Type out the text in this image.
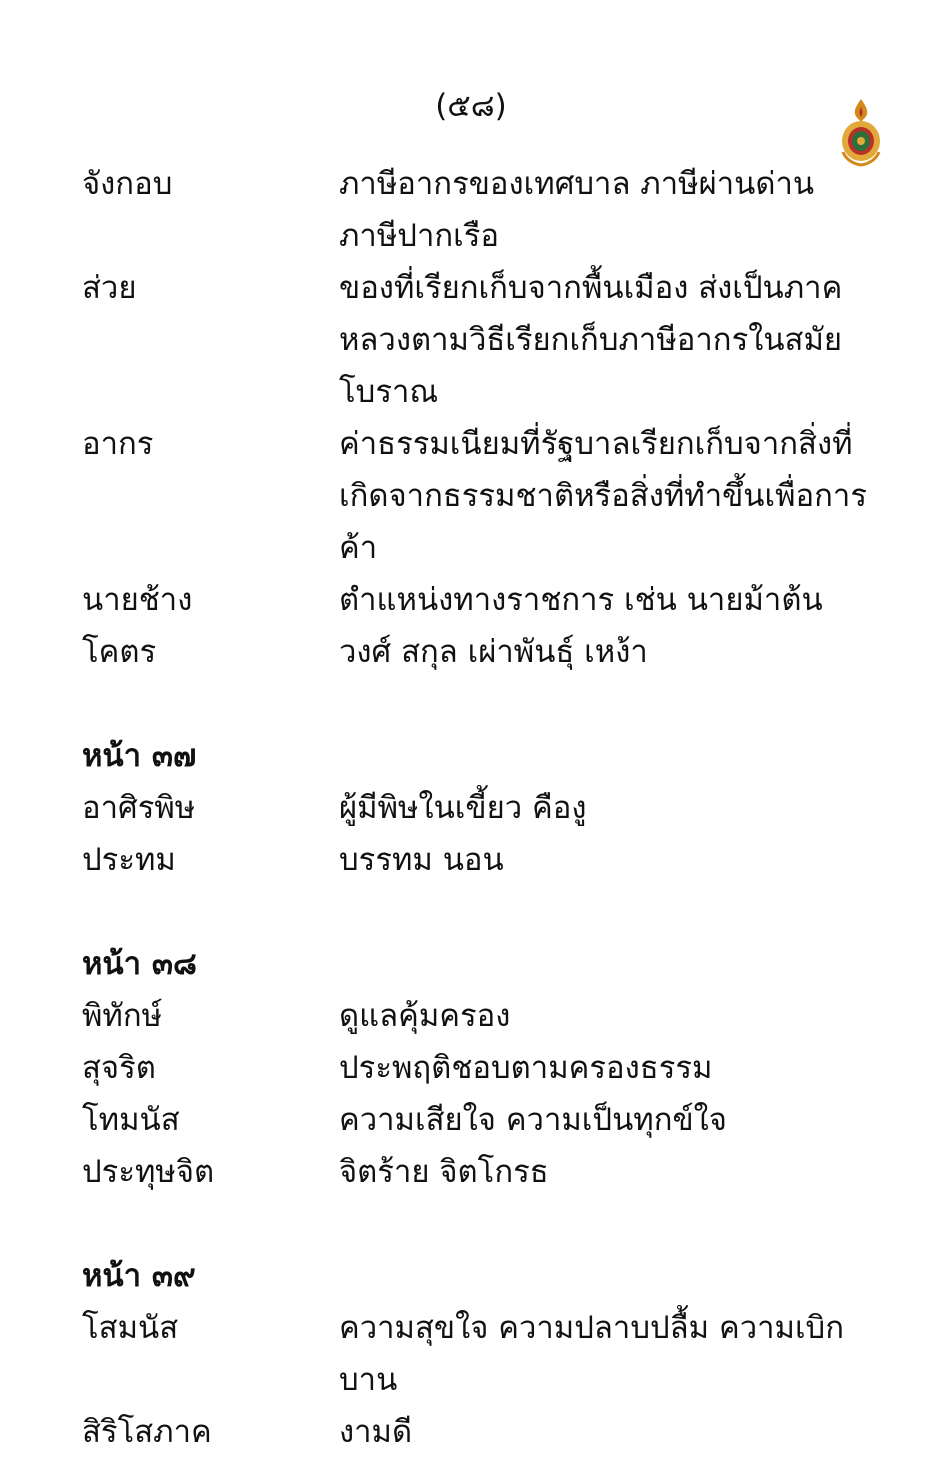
(๕๘)
จังกอบ	ภาษีอากรของเทศบาล ภาษีผ่านด่าน ภาษีปากเรือ
ส่วย	ของที่เรียกเก็บจากพื้นเมือง ส่งเป็นภาคหลวงตามวิธีเรียกเก็บภาษีอากรในสมัยโบราณ
อากร	ค่าธรรมเนียมที่รัฐบาลเรียกเก็บจากสิ่งที่เกิดจากธรรมชาติหรือสิ่งที่ทำขึ้นเพื่อการค้า
นายช้าง	ตำแหน่งทางราชการ เช่น นายม้าต้น
โคตร	วงศ์ สกุล เผ่าพันธุ์ เหง้า
หน้า ๓๗
อาศิรพิษ	ผู้มีพิษในเขี้ยว คืองู
ประทม	บรรทม นอน
หน้า ๓๘
พิทักษ์	ดูแลคุ้มครอง
สุจริต	ประพฤติชอบตามครองธรรม
โทมนัส	ความเสียใจ ความเป็นทุกข์ใจ
ประทุษจิต	จิตร้าย จิตโกรธ
หน้า ๓๙
โสมนัส	ความสุขใจ ความปลาบปลื้ม ความเบิกบาน
สิริโสภาค	งามดี
